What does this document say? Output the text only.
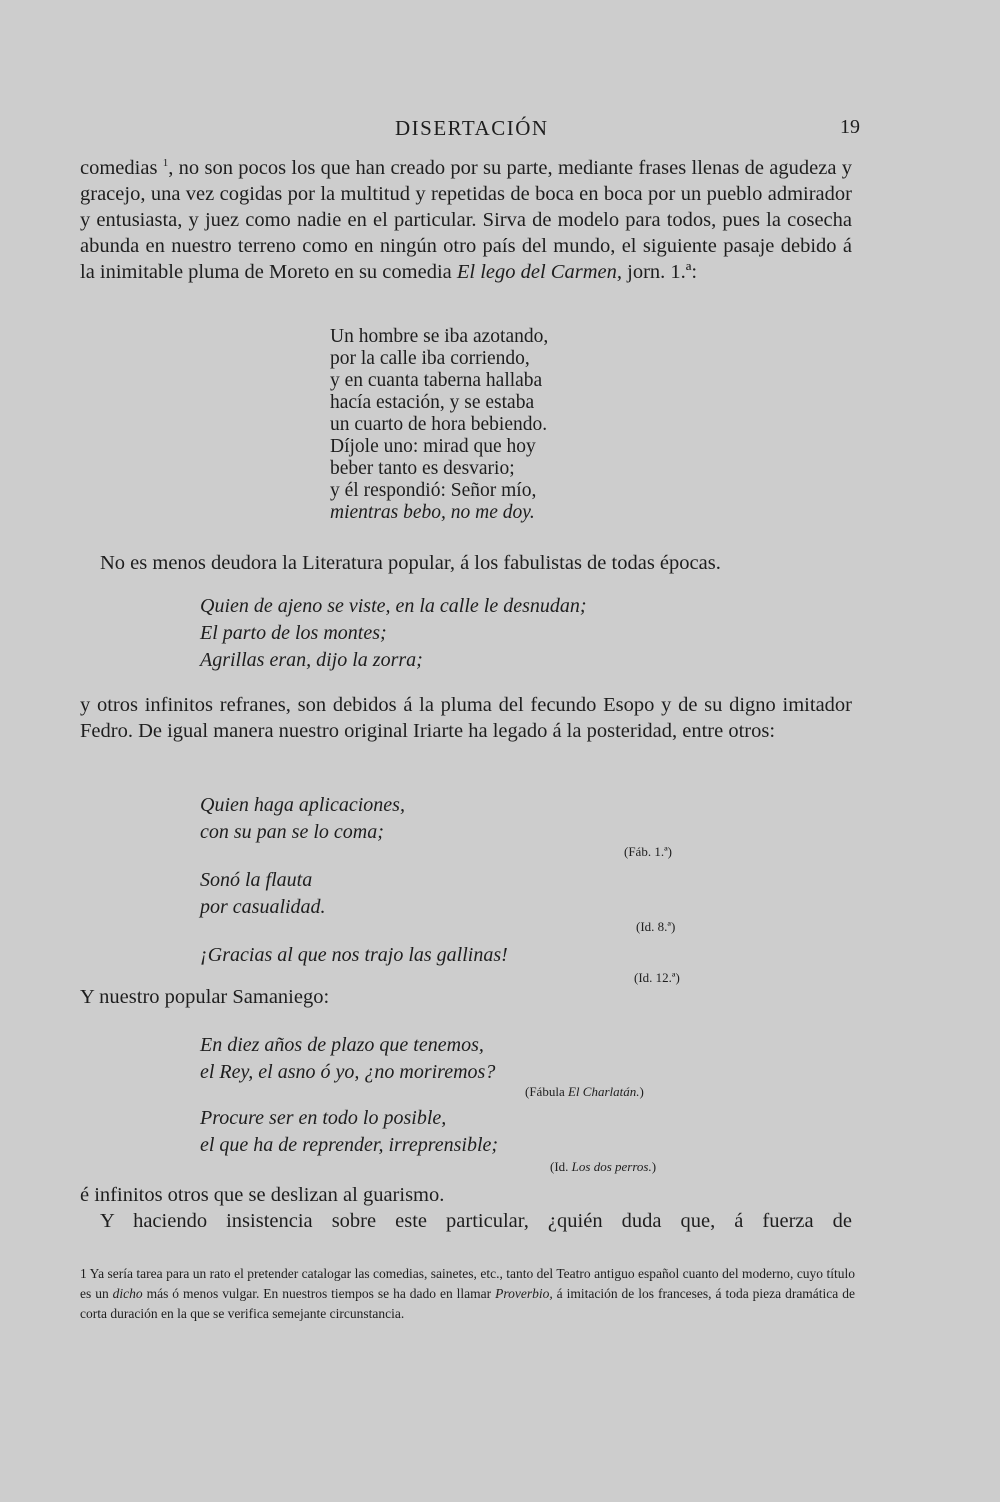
DISERTACIÓN	19

comedias $^1$, no son pocos los que han creado por su parte, mediante frases llenas de agudeza y gracejo, una vez cogidas por la multitud y repetidas de boca en boca por un pueblo admirador y entusiasta, y juez como nadie en el particular. Sirva de modelo para todos, pues la cosecha abunda en nuestro terreno como en ningún otro país del mundo, el siguiente pasaje debido á la inimitable pluma de Moreto en su comedia El lego del Carmen, jorn. 1.ª:

Un hombre se iba azotando,
por la calle iba corriendo,
y en cuanta taberna hallaba
hacía estación, y se estaba
un cuarto de hora bebiendo.
Díjole uno: mirad que hoy
beber tanto es desvario;
y él respondió: Señor mío,
mientras bebo, no me doy.
No es menos deudora la Literatura popular, á los fabulistas de todas épocas.
Quien de ajeno se viste, en la calle le desnudan;
El parto de los montes;
Agrillas eran, dijo la zorra;
y otros infinitos refranes, son debidos á la pluma del fecundo Esopo y de su digno imitador Fedro. De igual manera nuestro original Iriarte ha legado á la posteridad, entre otros:
Quien haga aplicaciones,
con su pan se lo coma;
(Fáb. 1.ª)
Sonó la flauta
por casualidad.
(Id. 8.ª)
¡Gracias al que nos trajo las gallinas!
(Id. 12.ª)
Y nuestro popular Samaniego:
En diez años de plazo que tenemos,
el Rey, el asno ó yo, ¿no moriremos?
(Fábula El Charlatán.)
Procure ser en todo lo posible,
el que ha de reprender, irreprensible;
(Id. Los dos perros.)
é infinitos otros que se deslizan al guarismo.
Y haciendo insistencia sobre este particular, ¿quién duda que, á fuerza de

1 Ya sería tarea para un rato el pretender catalogar las comedias, sainetes, etc., tanto del Teatro antiguo español cuanto del moderno, cuyo título es un dicho más ó menos vulgar. En nuestros tiempos se ha dado en llamar Proverbio, á imitación de los franceses, á toda pieza dramática de corta duración en la que se verifica semejante circunstancia.
